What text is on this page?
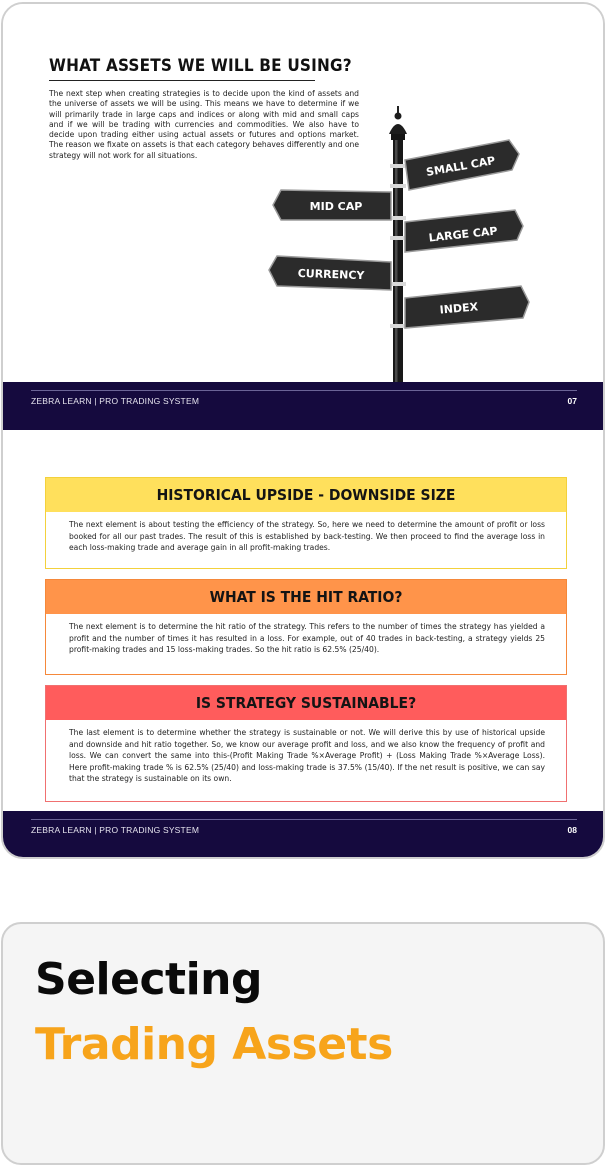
WHAT ASSETS WE WILL BE USING?

The next step when creating strategies is to decide upon the kind of assets and the universe of assets we will be using. This means we have to determine if we will primarily trade in large caps and indices or along with mid and small caps and if we will be trading with currencies and commodities. We also have to decide upon trading either using actual assets or futures and options market. The reason we fixate on assets is that each category behaves differently and one strategy will not work for all situations.	SMALL CAP
MID CAP
LARGE CAP
CURRENCY
INDEX
ZEBRA LEARN | PRO TRADING SYSTEM	07
HISTORICAL UPSIDE - DOWNSIDE SIZE

The next element is about testing the efficiency of the strategy. So, here we need to determine the amount of profit or loss booked for all our past trades. The result of this is established by back-testing. We then proceed to find the average loss in each loss-making trade and average gain in all profit-making trades.

WHAT IS THE HIT RATIO?

The next element is to determine the hit ratio of the strategy. This refers to the number of times the strategy has yielded a profit and the number of times it has resulted in a loss. For example, out of 40 trades in back-testing, a strategy yields 25 profit-making trades and 15 loss-making trades. So the hit ratio is 62.5% (25/40).

IS STRATEGY SUSTAINABLE?

The last element is to determine whether the strategy is sustainable or not. We will derive this by use of historical upside and downside and hit ratio together. So, we know our average profit and loss, and we also know the frequency of profit and loss. We can convert the same into this-(Profit Making Trade %×Average Profit) + (Loss Making Trade %×Average Loss). Here profit-making trade % is 62.5% (25/40) and loss-making trade is 37.5% (15/40). If the net result is positive, we can say that the strategy is sustainable on its own.

ZEBRA LEARN | PRO TRADING SYSTEM	08
Selecting
Trading Assets
